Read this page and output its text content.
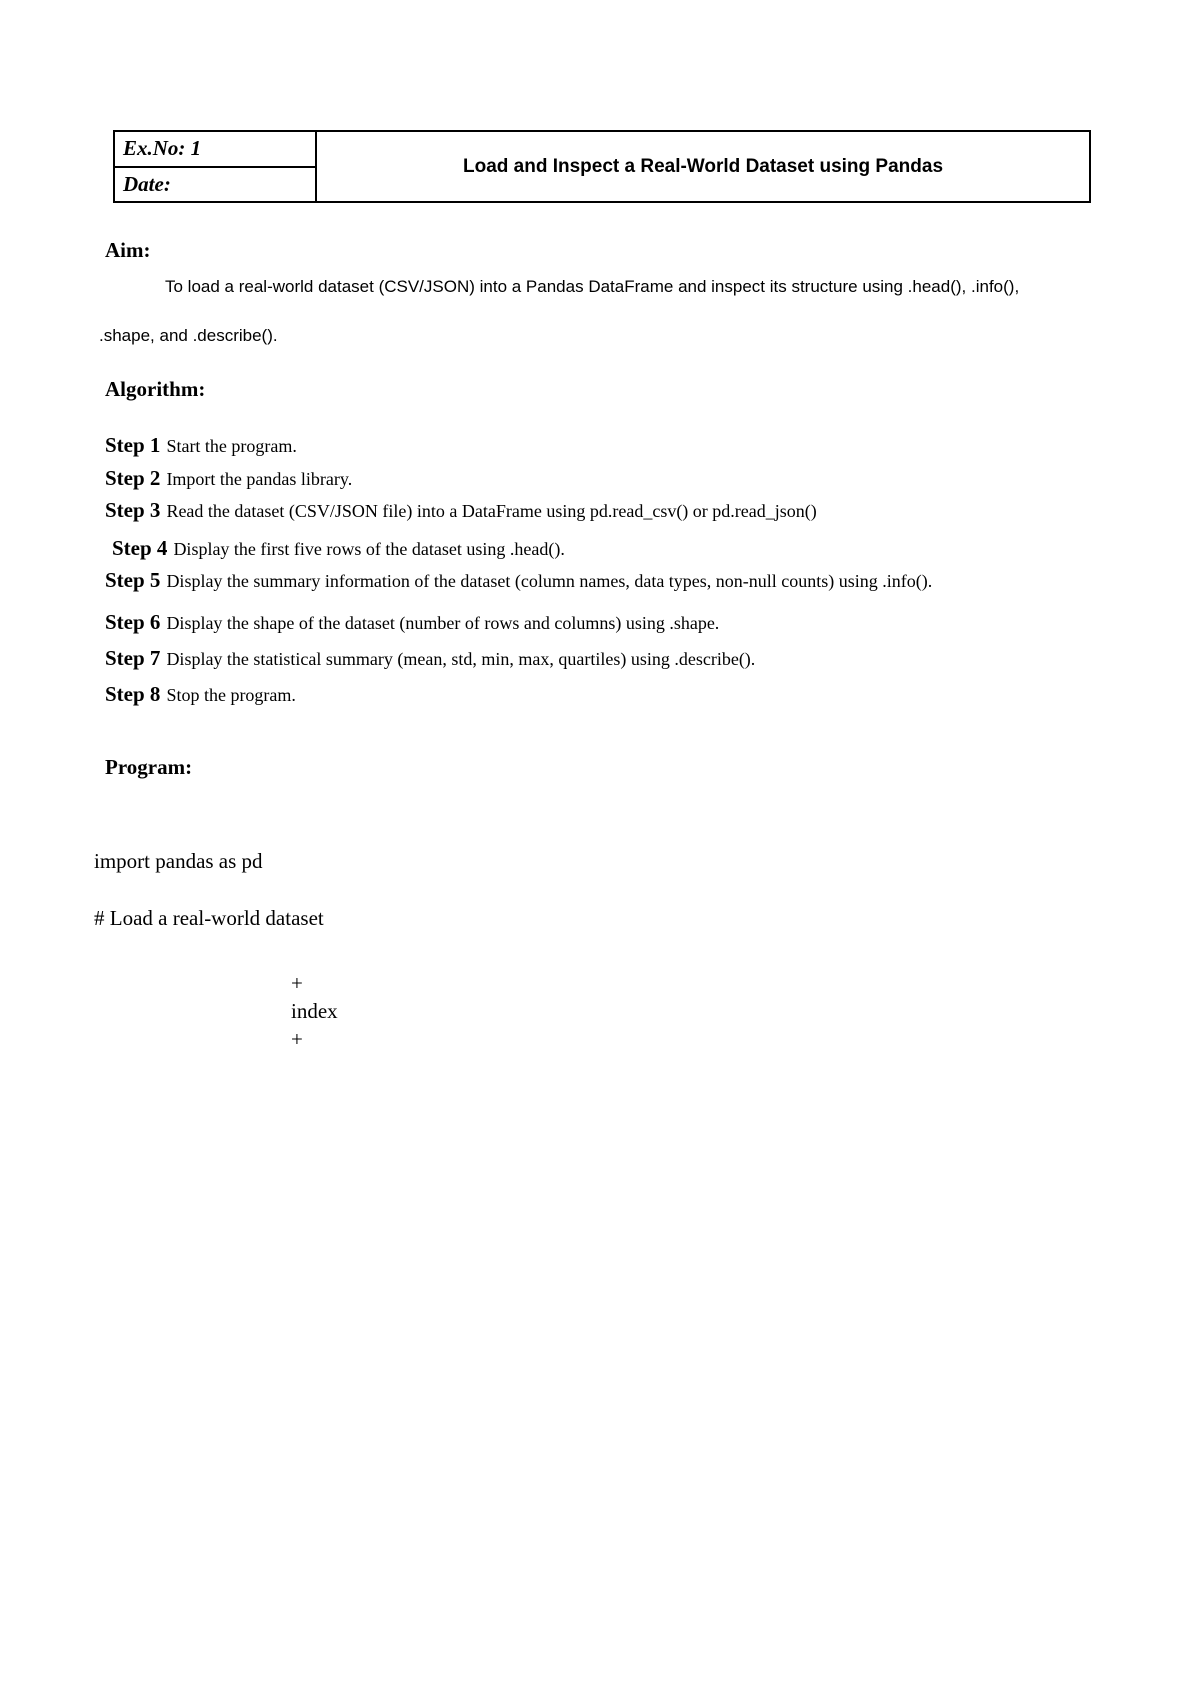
Ex.No: 1	Load and Inspect a Real-World Dataset using Pandas
Date:
Aim:
To load a real-world dataset (CSV/JSON) into a Pandas DataFrame and inspect its structure using .head(), .info(),
.shape, and .describe().
Algorithm:
Step 1 Start the program.
Step 2 Import the pandas library.
Step 3 Read the dataset (CSV/JSON file) into a DataFrame using pd.read_csv() or pd.read_json()
Step 4 Display the first five rows of the dataset using .head().
Step 5 Display the summary information of the dataset (column names, data types, non-null counts) using .info().
Step 6 Display the shape of the dataset (number of rows and columns) using .shape.
Step 7 Display the statistical summary (mean, std, min, max, quartiles) using .describe().
Step 8 Stop the program.
Program:
import pandas as pd
# Load a real-world dataset
+
index
+
